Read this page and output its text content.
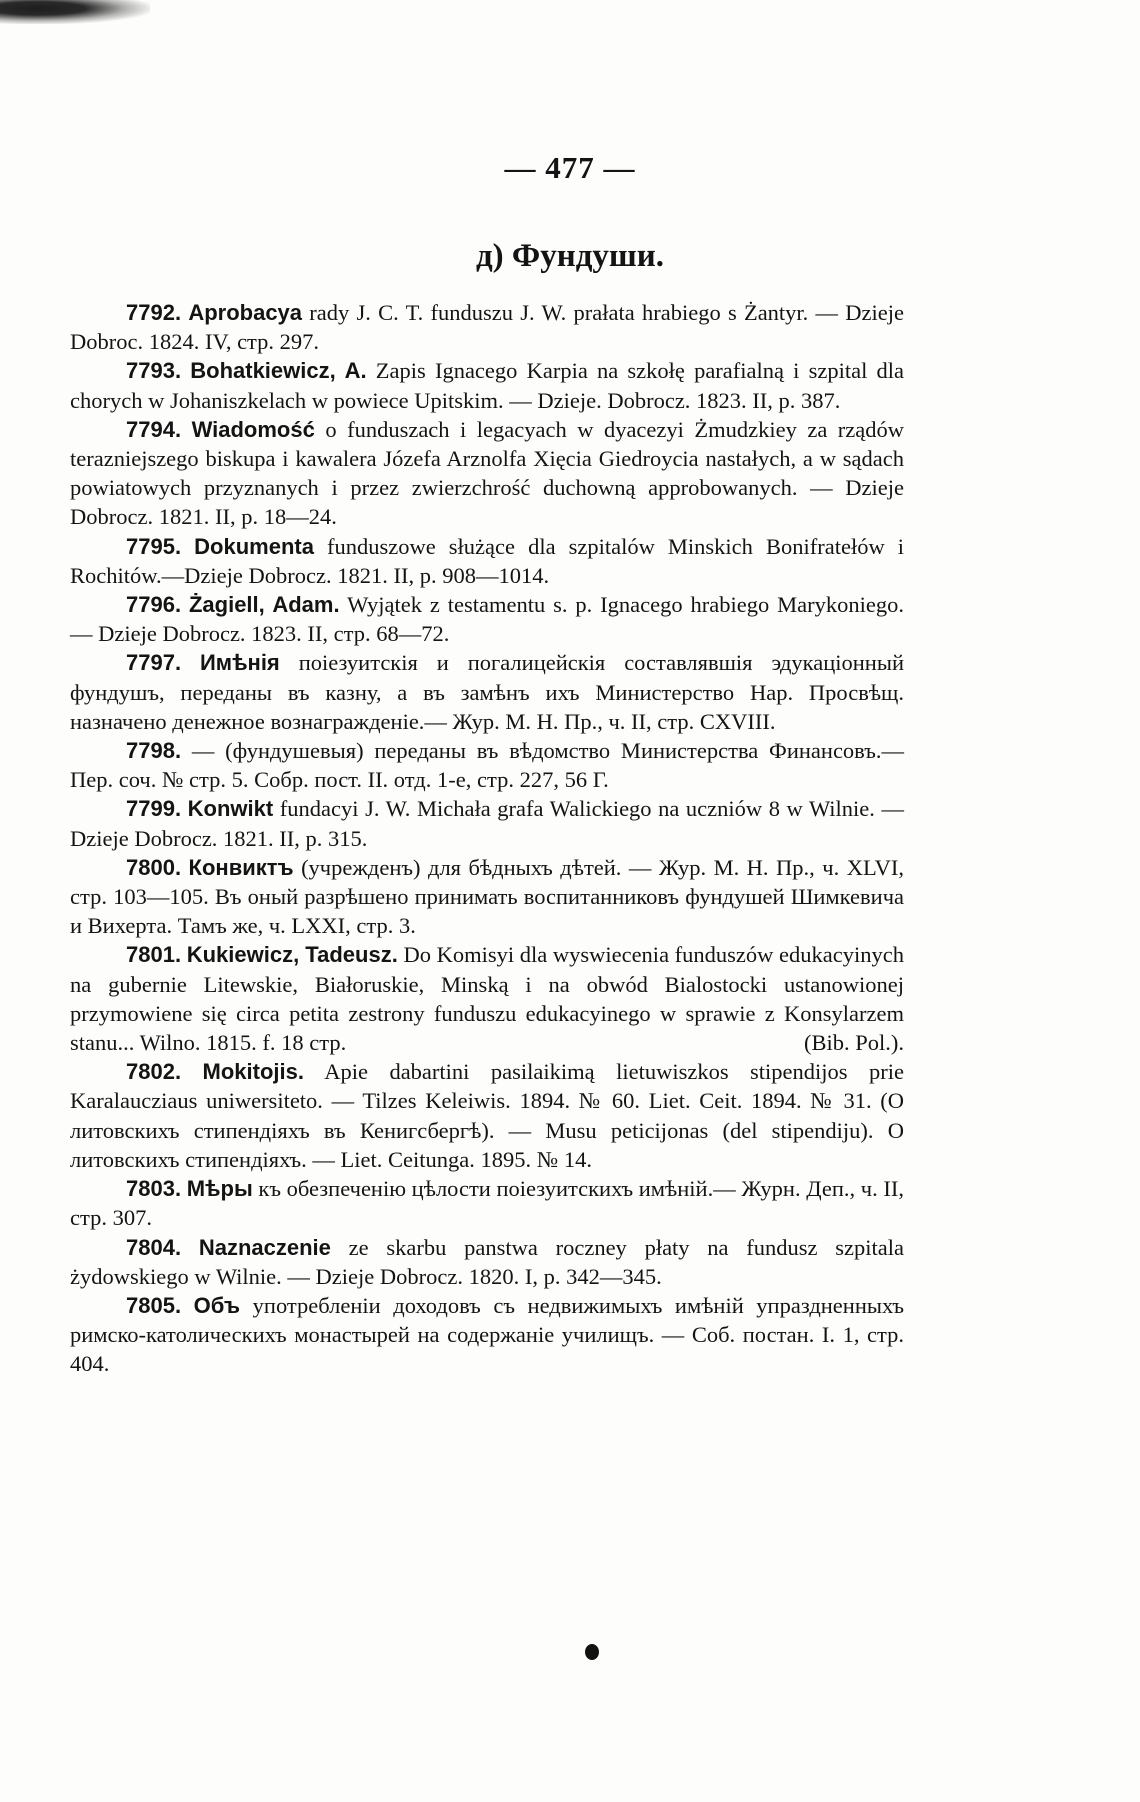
— 477 —
д) Фундуши.

7792. Aprobacya rady J. C. T. funduszu J. W. prałata hrabiego s Żantyr. — Dzieje Dobroc. 1824. IV, стр. 297.

7793. Bohatkiewicz, A. Zapis Ignacego Karpia na szkołę parafialną i szpital dla chorych w Johaniszkelach w powiece Upitskim. — Dzieje. Dobrocz. 1823. II, p. 387.

7794. Wiadomość o funduszach i legacyach w dyacezyi Żmudzkiey za rządów terazniejszego biskupa i kawalera Józefa Arznolfa Xięcia Giedroycia nastałych, a w sądach powiatowych przyznanych i przez zwierzchrość duchowną approbowanych. — Dzieje Dobrocz. 1821. II, p. 18—24.

7795. Dokumenta funduszowe służące dla szpitalów Minskich Bonifratełów i Rochitów.—Dzieje Dobrocz. 1821. II, p. 908—1014.

7796. Żagiell, Adam. Wyjątek z testamentu s. p. Ignacego hrabiego Marykoniego. — Dzieje Dobrocz. 1823. II, стр. 68—72.

7797. Имѣнія поiезуитскія и погалицейскія составлявшія эдукаціонный фундушъ, переданы въ казну, а въ замѣнъ ихъ Министерство Нар. Просвѣщ. назначено денежное вознагражденіе.— Жур. М. Н. Пр., ч. II, стр. CXVIII.

7798. — (фундушевыя) переданы въ вѣдомство Министерства Финансовъ.—Пер. соч. № стр. 5. Собр. пост. II. отд. 1-е, стр. 227, 56 Г.

7799. Konwikt fundacyi J. W. Michała grafa Walickiego na uczniów 8 w Wilnie. — Dzieje Dobrocz. 1821. II, p. 315.

7800. Конвиктъ (учрежденъ) для бѣдныхъ дѣтей. — Жур. М. Н. Пр., ч. XLVI, стр. 103—105. Въ оный разрѣшено принимать воспитанниковъ фундушей Шимкевича и Вихерта. Тамъ же, ч. LXXI, стр. 3.

7801. Kukiewicz, Tadeusz. Do Komisyi dla wyswiecenia funduszów edukacyinych na gubernie Litewskie, Białoruskie, Minską i na obwód Bialostocki ustanowionej przymowiene się circa petita zestrony funduszu edukacyinego w sprawie z Konsylarzem stanu... Wilno. 1815. f. 18 стр.	(Bib. Pol.).

7802. Mokitojis. Apie dabartini pasilaikimą lietuwiszkos stipendijos prie Karalaucziaus uniwersiteto. — Tilzes Keleiwis. 1894. № 60. Liet. Ceit. 1894. № 31. (О литовскихъ стипендіяхъ въ Кенигсбергѣ). — Musu peticijonas (del stipendiju). О литовскихъ стипендіяхъ. — Liet. Ceitunga. 1895. № 14.

7803. Мѣры къ обезпеченію цѣлости поiезуитскихъ имѣній.— Журн. Деп., ч. II, стр. 307.

7804. Naznaczenie ze skarbu panstwa roczney płaty na fundusz szpitala żydowskiego w Wilnie. — Dzieje Dobrocz. 1820. I, p. 342—345.

7805. Объ употребленіи доходовъ съ недвижимыхъ имѣній упраздненныхъ римско-католическихъ монастырей на содержаніе училищъ. — Соб. постан. I. 1, стр. 404.
